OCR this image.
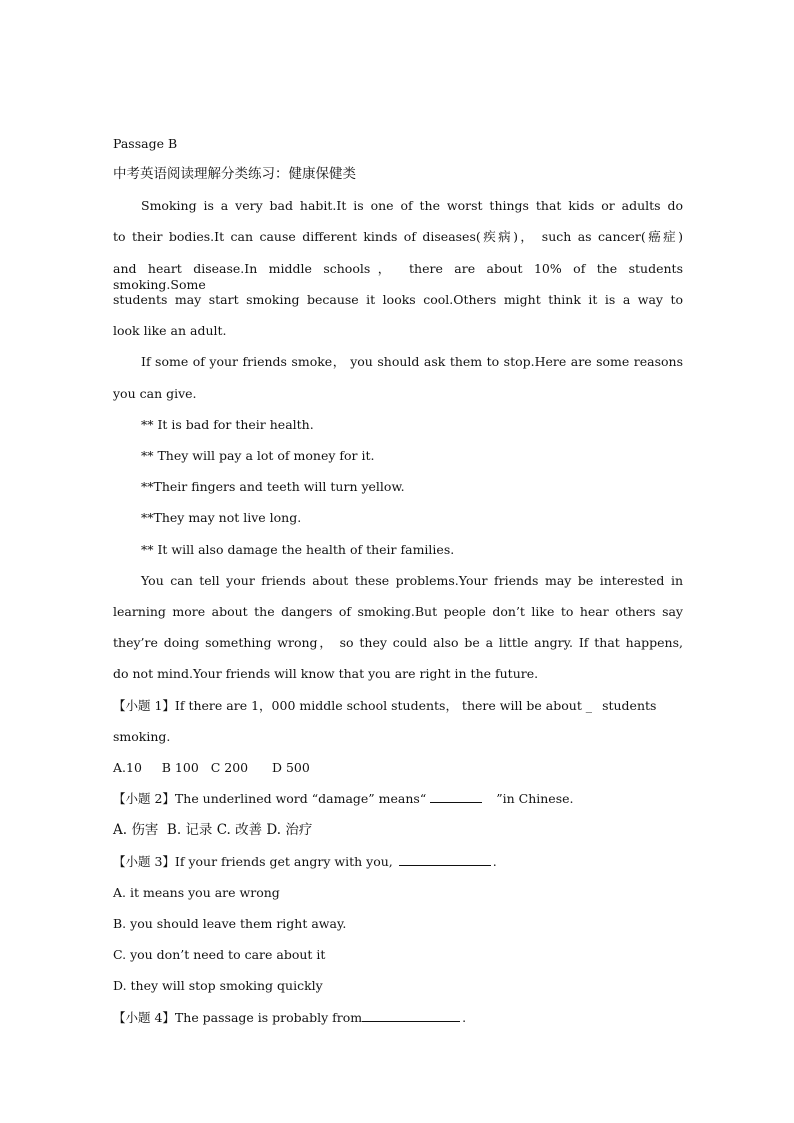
Passage B
中考英语阅读理解分类练习：健康保健类
Smoking is a very bad habit.It is one of the worst things that kids or adults do
to their bodies.It can cause different kinds of diseases(疾病)， such as cancer(癌症)
and heart disease.In middle schools， there are about 10% of the students smoking.Some
students may start smoking because it looks cool.Others might think it is a way to
look like an adult.
If some of your friends smoke， you should ask them to stop.Here are some reasons
you can give.
** It is bad for their health.
** They will pay a lot of money for it.
**Their fingers and teeth will turn yellow.
**They may not live long.
** It will also damage the health of their families.
You can tell your friends about these problems.Your friends may be interested in
learning more about the dangers of smoking.But people don’t like to hear others say
they’re doing something wrong， so they could also be a little angry. If that happens,
do not mind.Your friends will know that you are right in the future.
【小题 1】If there are 1，000 middle school students， there will be about _ students
smoking.
A.10     B 100   C 200      D 500
【小题 2】The underlined word “damage” means“	”in Chinese.
A. 伤害  B. 记录 C. 改善 D. 治疗
【小题 3】If your friends get angry with you,	.
A. it means you are wrong
B. you should leave them right away.
C. you don’t need to care about it
D. they will stop smoking quickly
【小题 4】The passage is probably from	.
